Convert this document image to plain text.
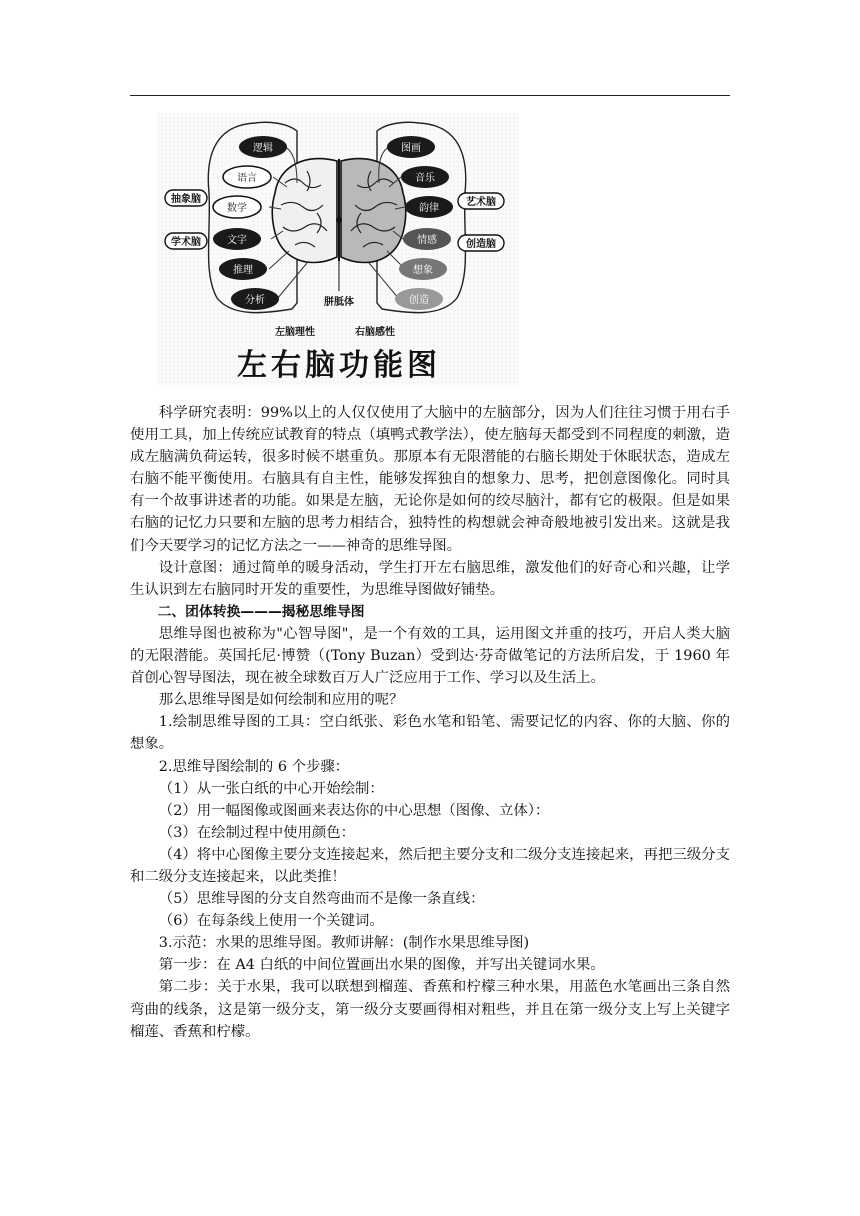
逻辑
语言
数学
文字
推理
分析
图画
音乐
韵律
情感
想象
创造
抽象脑
学术脑
艺术脑
创造脑
胼胝体
左脑理性	右脑感性
左右脑功能图

科学研究表明：99%以上的人仅仅使用了大脑中的左脑部分，因为人们往往习惯于用右手使用工具，加上传统应试教育的特点（填鸭式教学法），使左脑每天都受到不同程度的刺激，造成左脑满负荷运转，很多时候不堪重负。那原本有无限潜能的右脑长期处于休眠状态，造成左右脑不能平衡使用。右脑具有自主性，能够发挥独自的想象力、思考，把创意图像化。同时具有一个故事讲述者的功能。如果是左脑，无论你是如何的绞尽脑汁，都有它的极限。但是如果右脑的记忆力只要和左脑的思考力相结合，独特性的构想就会神奇般地被引发出来。这就是我们今天要学习的记忆方法之一——神奇的思维导图。

设计意图：通过简单的暖身活动，学生打开左右脑思维，激发他们的好奇心和兴趣，让学生认识到左右脑同时开发的重要性，为思维导图做好铺垫。

二、团体转换———揭秘思维导图

思维导图也被称为"心智导图"，是一个有效的工具，运用图文并重的技巧，开启人类大脑的无限潜能。英国托尼·博赞（(Tony Buzan）受到达·芬奇做笔记的方法所启发，于 1960 年首创心智导图法，现在被全球数百万人广泛应用于工作、学习以及生活上。

那么思维导图是如何绘制和应用的呢？

1.绘制思维导图的工具：空白纸张、彩色水笔和铅笔、需要记忆的内容、你的大脑、你的想象。

2.思维导图绘制的 6 个步骤：

（1）从一张白纸的中心开始绘制：

（2）用一幅图像或图画来表达你的中心思想（图像、立体）：

（3）在绘制过程中使用颜色：

（4）将中心图像主要分支连接起来，然后把主要分支和二级分支连接起来，再把三级分支和二级分支连接起来，以此类推！

（5）思维导图的分支自然弯曲而不是像一条直线：

（6）在每条线上使用一个关键词。

3.示范：水果的思维导图。教师讲解：(制作水果思维导图)

第一步：在 A4 白纸的中间位置画出水果的图像，并写出关键词水果。

第二步：关于水果，我可以联想到榴莲、香蕉和柠檬三种水果，用蓝色水笔画出三条自然弯曲的线条，这是第一级分支，第一级分支要画得相对粗些，并且在第一级分支上写上关键字榴莲、香蕉和柠檬。
